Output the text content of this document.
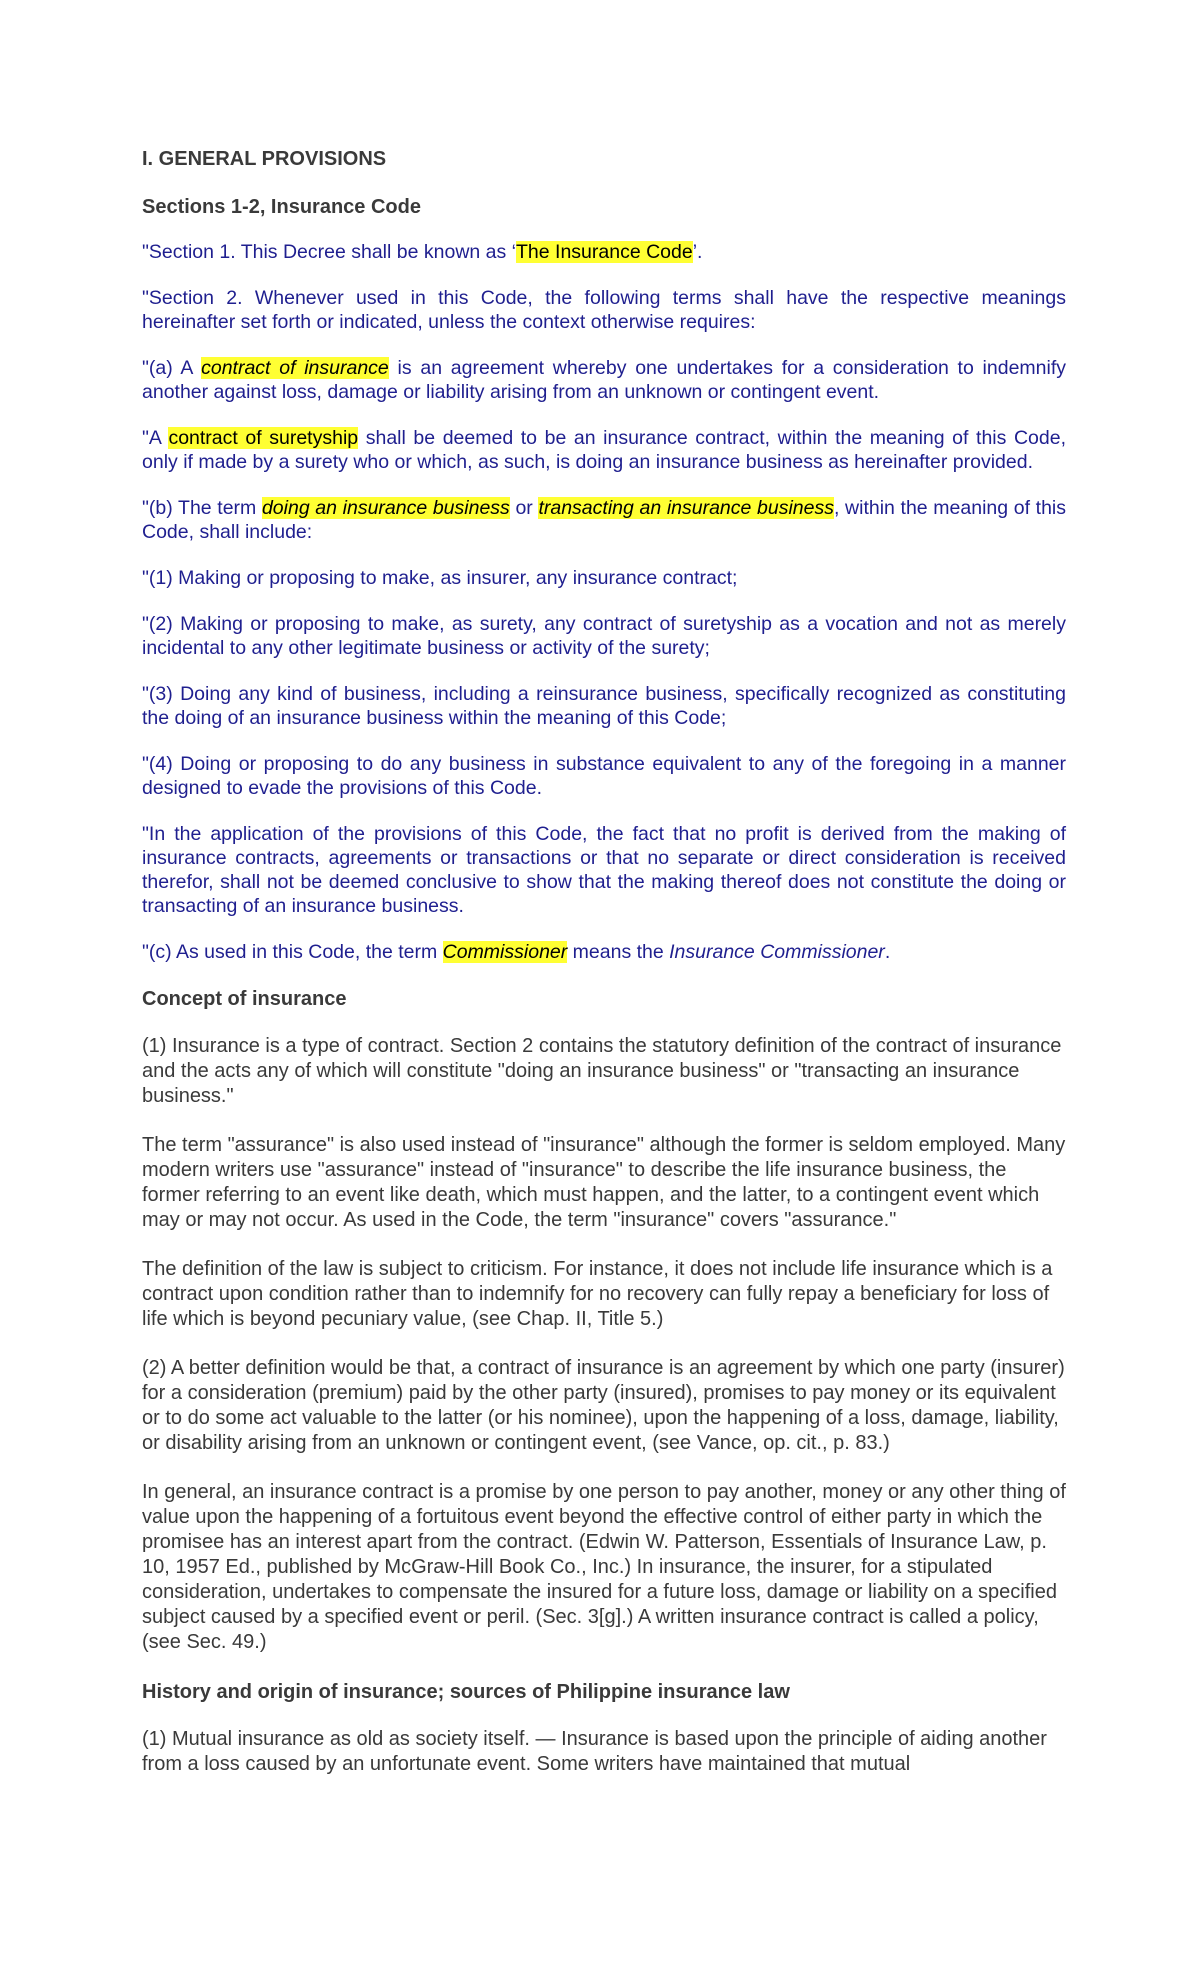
I. GENERAL PROVISIONS
Sections 1-2, Insurance Code

"Section 1. This Decree shall be known as ‘The Insurance Code’.

"Section 2. Whenever used in this Code, the following terms shall have the respective meanings hereinafter set forth or indicated, unless the context otherwise requires:

"(a) A contract of insurance is an agreement whereby one undertakes for a consideration to indemnify another against loss, damage or liability arising from an unknown or contingent event.

"A contract of suretyship shall be deemed to be an insurance contract, within the meaning of this Code, only if made by a surety who or which, as such, is doing an insurance business as hereinafter provided.

"(b) The term doing an insurance business or transacting an insurance business, within the meaning of this Code, shall include:

"(1) Making or proposing to make, as insurer, any insurance contract;

"(2) Making or proposing to make, as surety, any contract of suretyship as a vocation and not as merely incidental to any other legitimate business or activity of the surety;

"(3) Doing any kind of business, including a reinsurance business, specifically recognized as constituting the doing of an insurance business within the meaning of this Code;

"(4) Doing or proposing to do any business in substance equivalent to any of the foregoing in a manner designed to evade the provisions of this Code.

"In the application of the provisions of this Code, the fact that no profit is derived from the making of insurance contracts, agreements or transactions or that no separate or direct consideration is received therefor, shall not be deemed conclusive to show that the making thereof does not constitute the doing or transacting of an insurance business.

"(c) As used in this Code, the term Commissioner means the Insurance Commissioner.

Concept of insurance

(1) Insurance is a type of contract. Section 2 contains the statutory definition of the contract of insurance and the acts any of which will constitute "doing an insurance business" or "transacting an insurance business."

The term "assurance" is also used instead of "insurance" although the former is seldom employed. Many modern writers use "assurance" instead of "insurance" to describe the life insurance business, the former referring to an event like death, which must happen, and the latter, to a contingent event which may or may not occur. As used in the Code, the term "insurance" covers "assurance."

The definition of the law is subject to criticism. For instance, it does not include life insurance which is a contract upon condition rather than to indemnify for no recovery can fully repay a beneficiary for loss of life which is beyond pecuniary value, (see Chap. II, Title 5.)

(2) A better definition would be that, a contract of insurance is an agreement by which one party (insurer) for a consideration (premium) paid by the other party (insured), promises to pay money or its equivalent or to do some act valuable to the latter (or his nominee), upon the happening of a loss, damage, liability, or disability arising from an unknown or contingent event, (see Vance, op. cit., p. 83.)

In general, an insurance contract is a promise by one person to pay another, money or any other thing of value upon the happening of a fortuitous event beyond the effective control of either party in which the promisee has an interest apart from the contract. (Edwin W. Patterson, Essentials of Insurance Law, p. 10, 1957 Ed., published by McGraw-Hill Book Co., Inc.) In insurance, the insurer, for a stipulated consideration, undertakes to compensate the insured for a future loss, damage or liability on a specified subject caused by a specified event or peril. (Sec. 3[g].) A written insurance contract is called a policy, (see Sec. 49.)

History and origin of insurance; sources of Philippine insurance law

(1) Mutual insurance as old as society itself. — Insurance is based upon the principle of aiding another from a loss caused by an unfortunate event. Some writers have maintained that mutual
